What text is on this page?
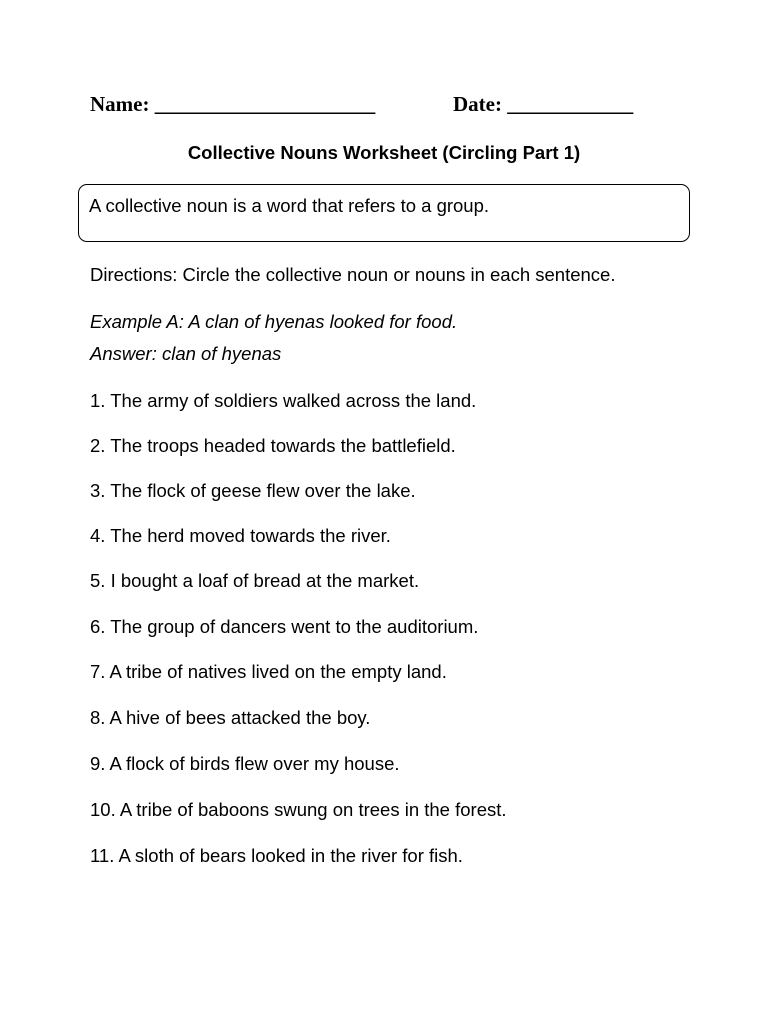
Name: _____________________	Date: ____________
Collective Nouns Worksheet (Circling Part 1)
A collective noun is a word that refers to a group.
Directions: Circle the collective noun or nouns in each sentence.
Example A: A clan of hyenas looked for food.
Answer: clan of hyenas
1. The army of soldiers walked across the land.
2. The troops headed towards the battlefield.
3. The flock of geese flew over the lake.
4. The herd moved towards the river.
5. I bought a loaf of bread at the market.
6. The group of dancers went to the auditorium.
7. A tribe of natives lived on the empty land.
8. A hive of bees attacked the boy.
9. A flock of birds flew over my house.
10. A tribe of baboons swung on trees in the forest.
11. A sloth of bears looked in the river for fish.
